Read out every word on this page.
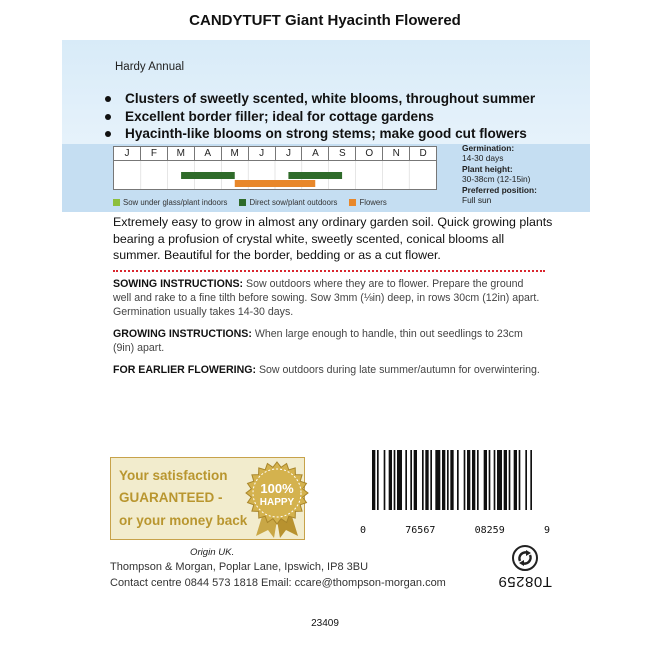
CANDYTUFT Giant Hyacinth Flowered
Hardy Annual
Clusters of sweetly scented, white blooms, throughout summer
Excellent border filler; ideal for cottage gardens
Hyacinth-like blooms on strong stems; make good cut flowers
J	F	M	A	M	J	J	A	S	O	N	D
Sow under glass/plant indoors	Direct sow/plant outdoors	Flowers
Germination:
14-30 days
Plant height:
30-38cm (12-15in)
Preferred position:
Full sun
Extremely easy to grow in almost any ordinary garden soil. Quick growing plants bearing a profusion of crystal white, sweetly scented, conical blooms all summer. Beautiful for the border, bedding or as a cut flower.
SOWING INSTRUCTIONS: Sow outdoors where they are to flower. Prepare the ground well and rake to a fine tilth before sowing. Sow 3mm (⅛in) deep, in rows 30cm (12in) apart. Germination usually takes 14-30 days.
GROWING INSTRUCTIONS: When large enough to handle, thin out seedlings to 23cm (9in) apart.
FOR EARLIER FLOWERING: Sow outdoors during late summer/autumn for overwintering.
Your satisfaction
GUARANTEED -
or your money back
100%
HAPPY
0	76567	08259	9
Origin UK.
Thompson & Morgan, Poplar Lane, Ipswich, IP8 3BU
Contact centre 0844 573 1818 Email: ccare@thompson-morgan.com	T08259
23409
